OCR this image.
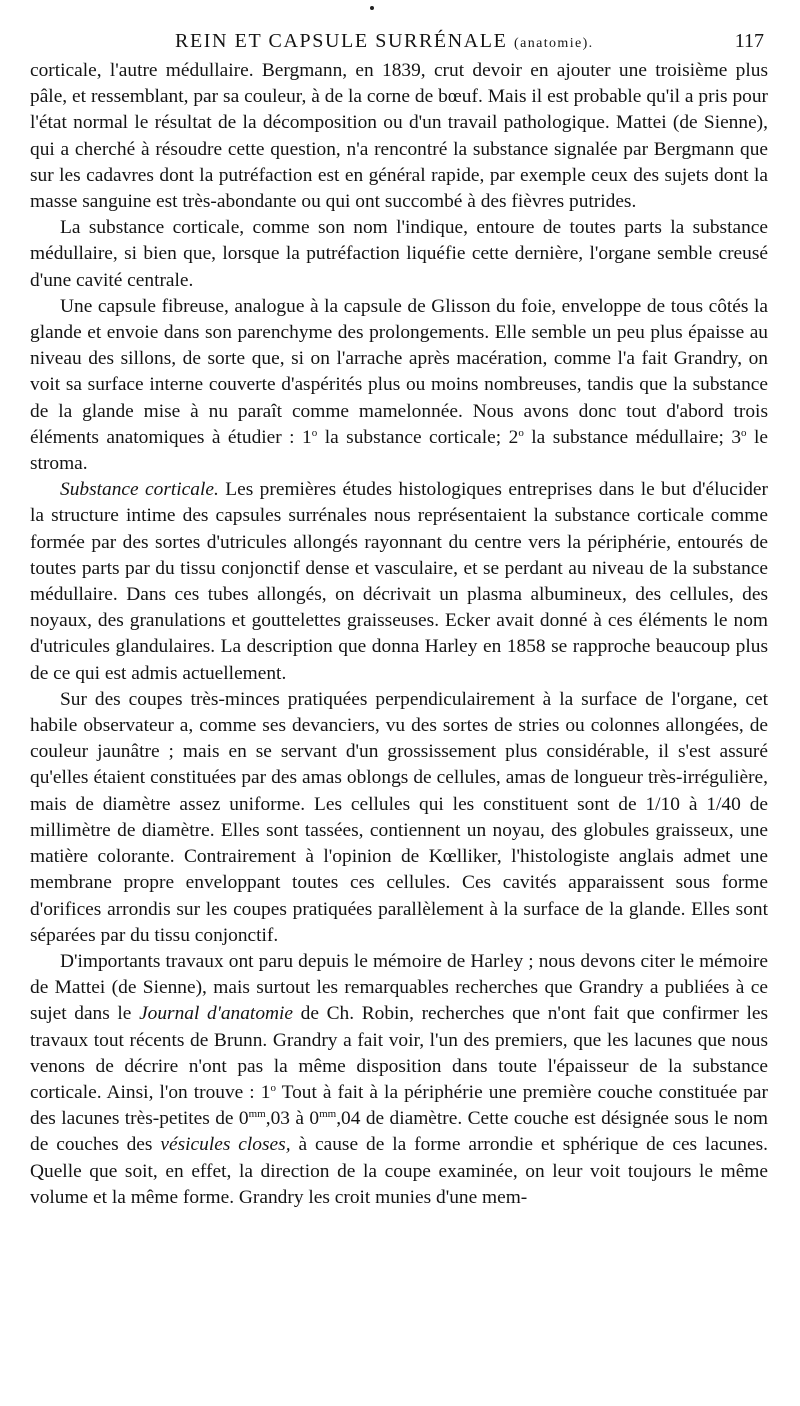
REIN ET CAPSULE SURRÉNALE (anatomie).	117

corticale, l'autre médullaire. Bergmann, en 1839, crut devoir en ajouter une troisième plus pâle, et ressemblant, par sa couleur, à de la corne de bœuf. Mais il est probable qu'il a pris pour l'état normal le résultat de la décomposition ou d'un travail pathologique. Mattei (de Sienne), qui a cherché à résoudre cette question, n'a rencontré la substance signalée par Bergmann que sur les cadavres dont la putréfaction est en général rapide, par exemple ceux des sujets dont la masse sanguine est très-abondante ou qui ont succombé à des fièvres putrides.

La substance corticale, comme son nom l'indique, entoure de toutes parts la substance médullaire, si bien que, lorsque la putréfaction liquéfie cette dernière, l'organe semble creusé d'une cavité centrale.

Une capsule fibreuse, analogue à la capsule de Glisson du foie, enveloppe de tous côtés la glande et envoie dans son parenchyme des prolongements. Elle semble un peu plus épaisse au niveau des sillons, de sorte que, si on l'arrache après macération, comme l'a fait Grandry, on voit sa surface interne couverte d'aspérités plus ou moins nombreuses, tandis que la substance de la glande mise à nu paraît comme mamelonnée. Nous avons donc tout d'abord trois éléments anatomiques à étudier : 1$^o$ la substance corticale; 2$^o$ la substance médullaire; 3$^o$ le stroma.

Substance corticale. Les premières études histologiques entreprises dans le but d'élucider la structure intime des capsules surrénales nous représentaient la substance corticale comme formée par des sortes d'utricules allongés rayonnant du centre vers la périphérie, entourés de toutes parts par du tissu conjonctif dense et vasculaire, et se perdant au niveau de la substance médullaire. Dans ces tubes allongés, on décrivait un plasma albumineux, des cellules, des noyaux, des granulations et gouttelettes graisseuses. Ecker avait donné à ces éléments le nom d'utricules glandulaires. La description que donna Harley en 1858 se rapproche beaucoup plus de ce qui est admis actuellement.

Sur des coupes très-minces pratiquées perpendiculairement à la surface de l'organe, cet habile observateur a, comme ses devanciers, vu des sortes de stries ou colonnes allongées, de couleur jaunâtre ; mais en se servant d'un grossissement plus considérable, il s'est assuré qu'elles étaient constituées par des amas oblongs de cellules, amas de longueur très-irrégulière, mais de diamètre assez uniforme. Les cellules qui les constituent sont de 1/10 à 1/40 de millimètre de diamètre. Elles sont tassées, contiennent un noyau, des globules graisseux, une matière colorante. Contrairement à l'opinion de Kœlliker, l'histologiste anglais admet une membrane propre enveloppant toutes ces cellules. Ces cavités apparaissent sous forme d'orifices arrondis sur les coupes pratiquées parallèlement à la surface de la glande. Elles sont séparées par du tissu conjonctif.

D'importants travaux ont paru depuis le mémoire de Harley ; nous devons citer le mémoire de Mattei (de Sienne), mais surtout les remarquables recherches que Grandry a publiées à ce sujet dans le Journal d'anatomie de Ch. Robin, recherches que n'ont fait que confirmer les travaux tout récents de Brunn. Grandry a fait voir, l'un des premiers, que les lacunes que nous venons de décrire n'ont pas la même disposition dans toute l'épaisseur de la substance corticale. Ainsi, l'on trouve : 1$^o$ Tout à fait à la périphérie une première couche constituée par des lacunes très-petites de $0^{mm},03$ à $0^{mm},04$ de diamètre. Cette couche est désignée sous le nom de couches des vésicules closes, à cause de la forme arrondie et sphérique de ces lacunes. Quelle que soit, en effet, la direction de la coupe examinée, on leur voit toujours le même volume et la même forme. Grandry les croit munies d'une mem-
